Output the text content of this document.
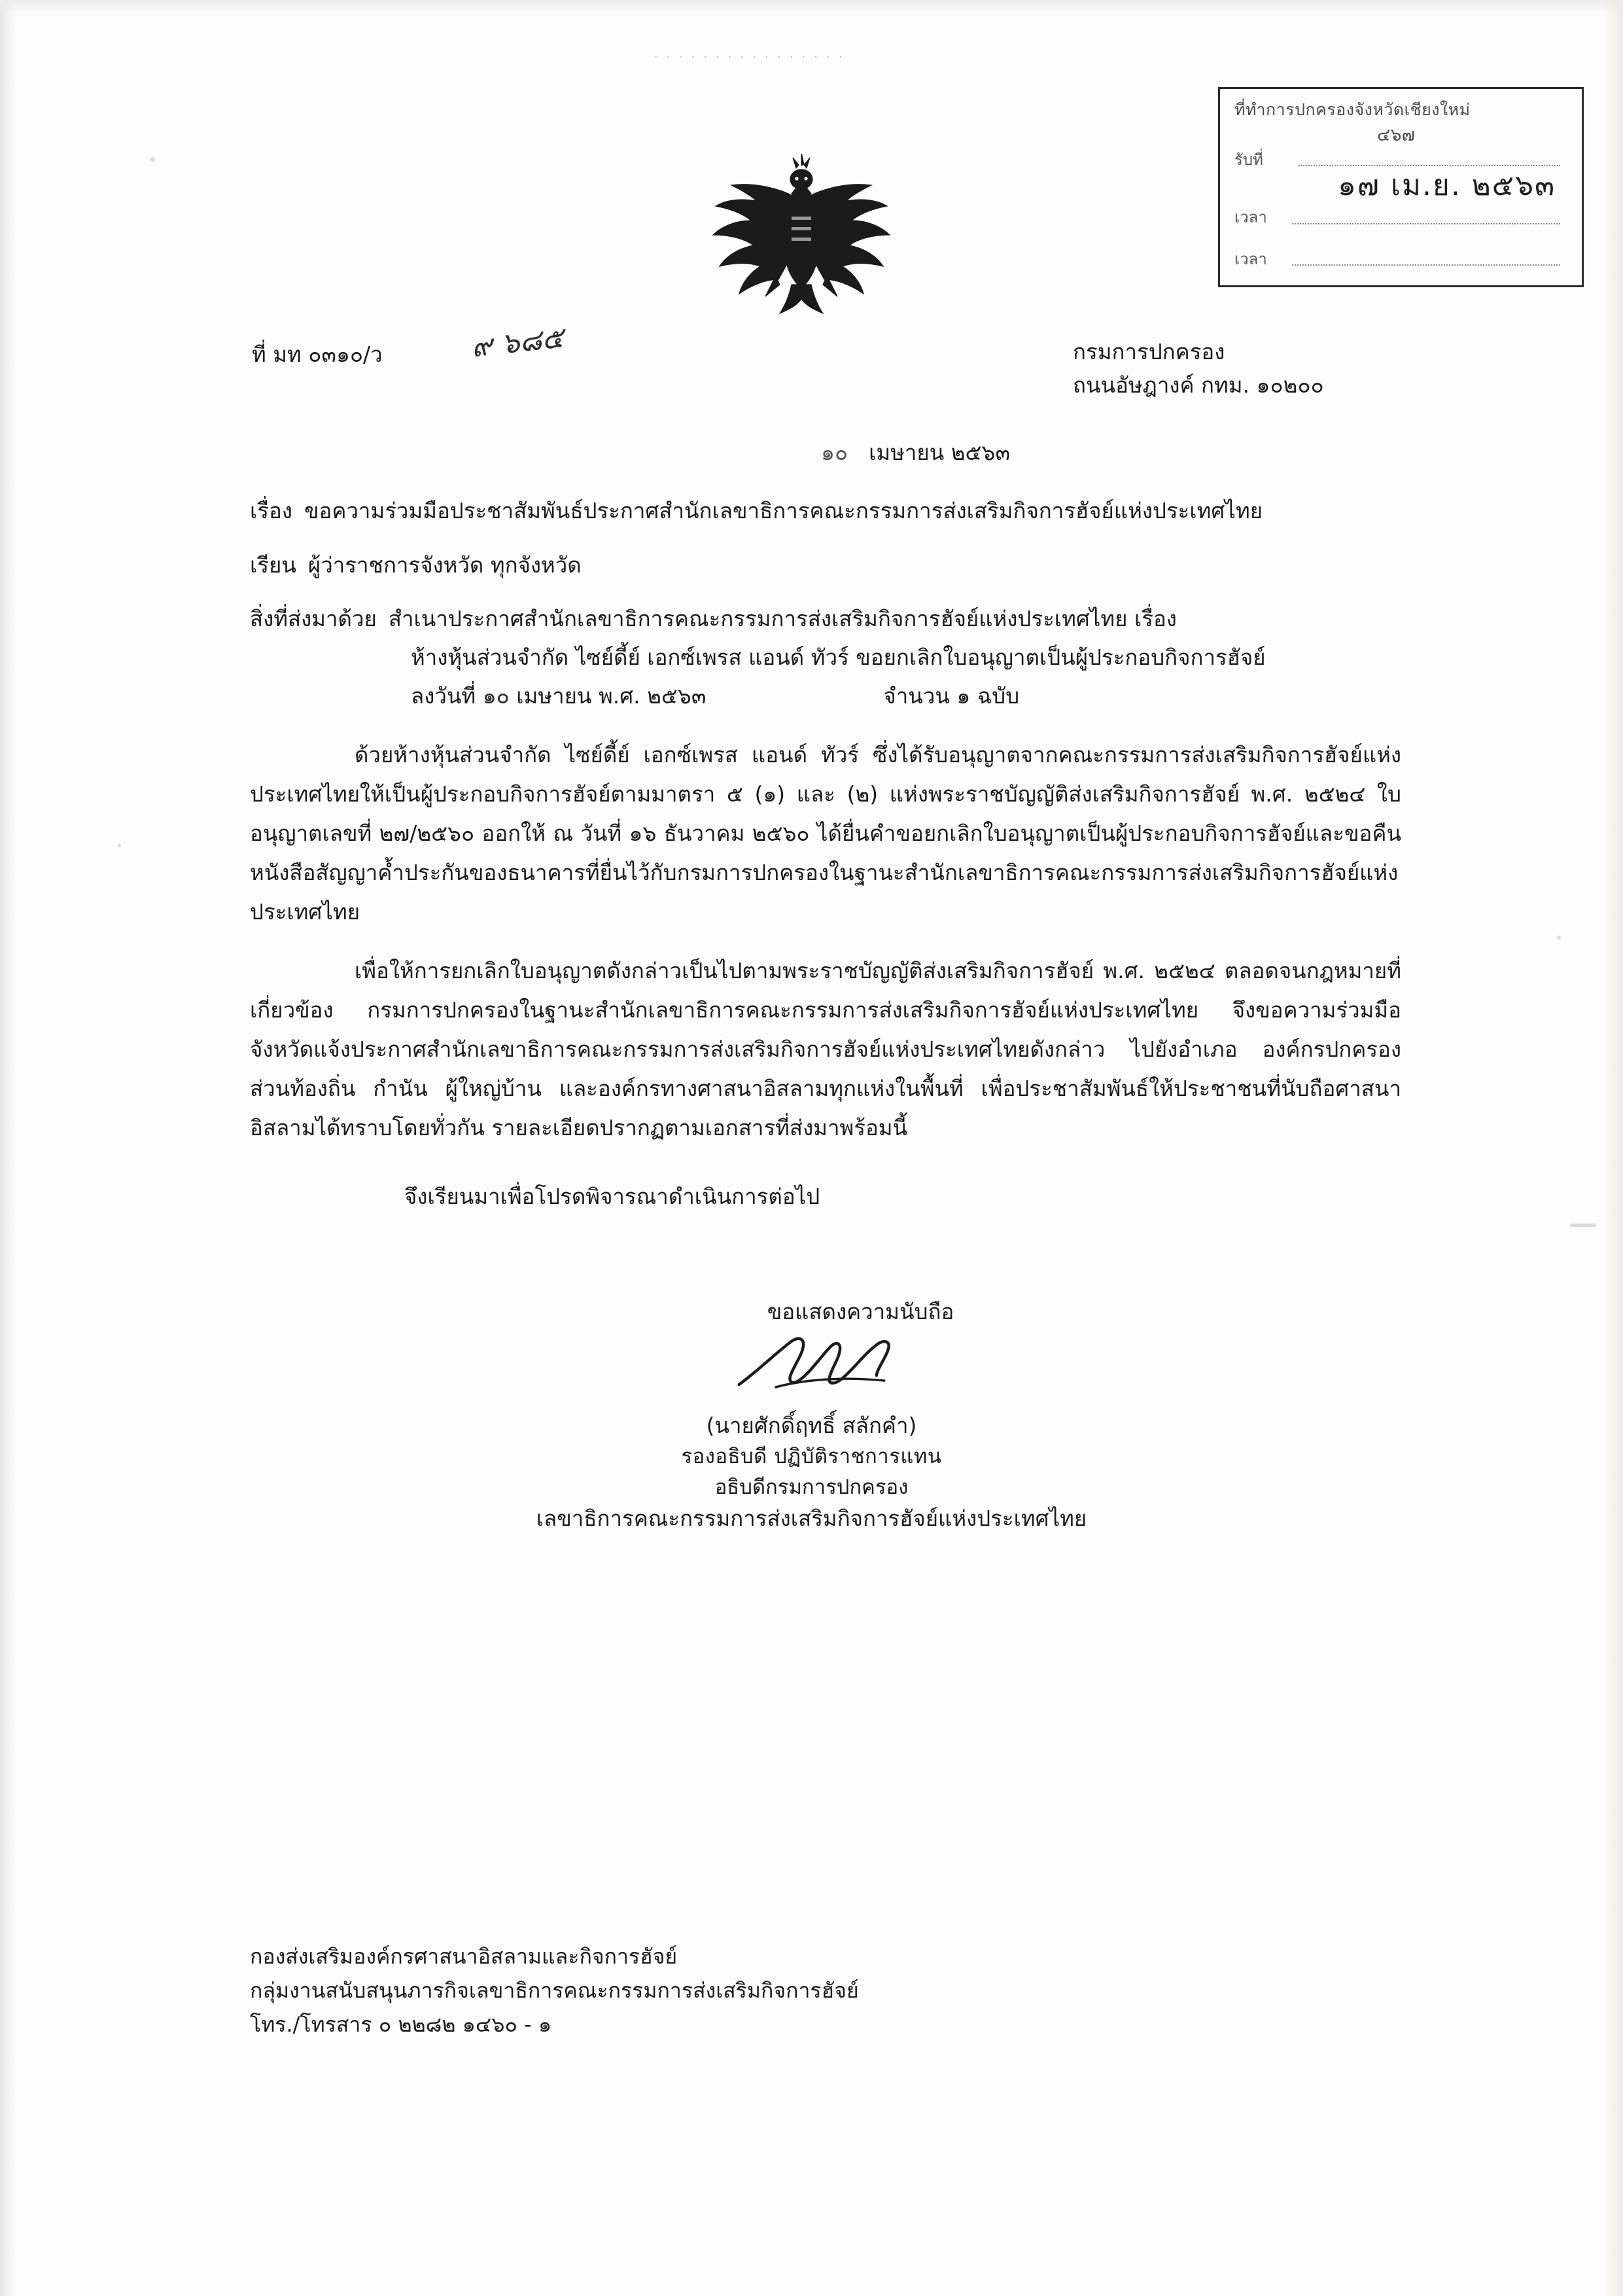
· · · · · · · · · · · · · · · ·
ที่ทำการปกครองจังหวัดเชียงใหม่
๔๖๗
รับที่
๑๗ เม.ย. ๒๕๖๓
เวลา
เวลา
ที่ มท ๐๓๑๐/ว	๙ ๖๘๕	กรมการปกครอง
ถนนอัษฎางค์ กทม. ๑๐๒๐๐
๑๐ เมษายน ๒๕๖๓
เรื่อง ขอความร่วมมือประชาสัมพันธ์ประกาศสำนักเลขาธิการคณะกรรมการส่งเสริมกิจการฮัจย์แห่งประเทศไทย
เรียน ผู้ว่าราชการจังหวัด ทุกจังหวัด
สิ่งที่ส่งมาด้วย สำเนาประกาศสำนักเลขาธิการคณะกรรมการส่งเสริมกิจการฮัจย์แห่งประเทศไทย เรื่อง
ห้างหุ้นส่วนจำกัด ไซย์ดี้ย์ เอกซ์เพรส แอนด์ ทัวร์ ขอยกเลิกใบอนุญาตเป็นผู้ประกอบกิจการฮัจย์
ลงวันที่ ๑๐ เมษายน พ.ศ. ๒๕๖๓	จำนวน ๑ ฉบับ

ด้วยห้างหุ้นส่วนจำกัด ไซย์ดี้ย์ เอกซ์เพรส แอนด์ ทัวร์ ซึ่งได้รับอนุญาตจากคณะกรรมการส่งเสริมกิจการฮัจย์แห่งประเทศไทยให้เป็นผู้ประกอบกิจการฮัจย์ตามมาตรา ๕ (๑) และ (๒) แห่งพระราชบัญญัติส่งเสริมกิจการฮัจย์ พ.ศ. ๒๕๒๔ ใบอนุญาตเลขที่ ๒๗/๒๕๖๐ ออกให้ ณ วันที่ ๑๖ ธันวาคม ๒๕๖๐ ได้ยื่นคำขอยกเลิกใบอนุญาตเป็นผู้ประกอบกิจการฮัจย์และขอคืนหนังสือสัญญาค้ำประกันของธนาคารที่ยื่นไว้กับกรมการปกครองในฐานะสำนักเลขาธิการคณะกรรมการส่งเสริมกิจการฮัจย์แห่งประเทศไทย

เพื่อให้การยกเลิกใบอนุญาตดังกล่าวเป็นไปตามพระราชบัญญัติส่งเสริมกิจการฮัจย์ พ.ศ. ๒๕๒๔ ตลอดจนกฎหมายที่เกี่ยวข้อง กรมการปกครองในฐานะสำนักเลขาธิการคณะกรรมการส่งเสริมกิจการฮัจย์แห่งประเทศไทย จึงขอความร่วมมือจังหวัดแจ้งประกาศสำนักเลขาธิการคณะกรรมการส่งเสริมกิจการฮัจย์แห่งประเทศไทยดังกล่าว ไปยังอำเภอ องค์กรปกครองส่วนท้องถิ่น กำนัน ผู้ใหญ่บ้าน และองค์กรทางศาสนาอิสลามทุกแห่งในพื้นที่ เพื่อประชาสัมพันธ์ให้ประชาชนที่นับถือศาสนาอิสลามได้ทราบโดยทั่วกัน รายละเอียดปรากฏตามเอกสารที่ส่งมาพร้อมนี้

จึงเรียนมาเพื่อโปรดพิจารณาดำเนินการต่อไป

ขอแสดงความนับถือ
(นายศักดิ์ฤทธิ์ สลักคำ)
รองอธิบดี ปฏิบัติราชการแทน
อธิบดีกรมการปกครอง
เลขาธิการคณะกรรมการส่งเสริมกิจการฮัจย์แห่งประเทศไทย
กองส่งเสริมองค์กรศาสนาอิสลามและกิจการฮัจย์
กลุ่มงานสนับสนุนภารกิจเลขาธิการคณะกรรมการส่งเสริมกิจการฮัจย์
โทร./โทรสาร ๐ ๒๒๘๒ ๑๔๖๐ - ๑
